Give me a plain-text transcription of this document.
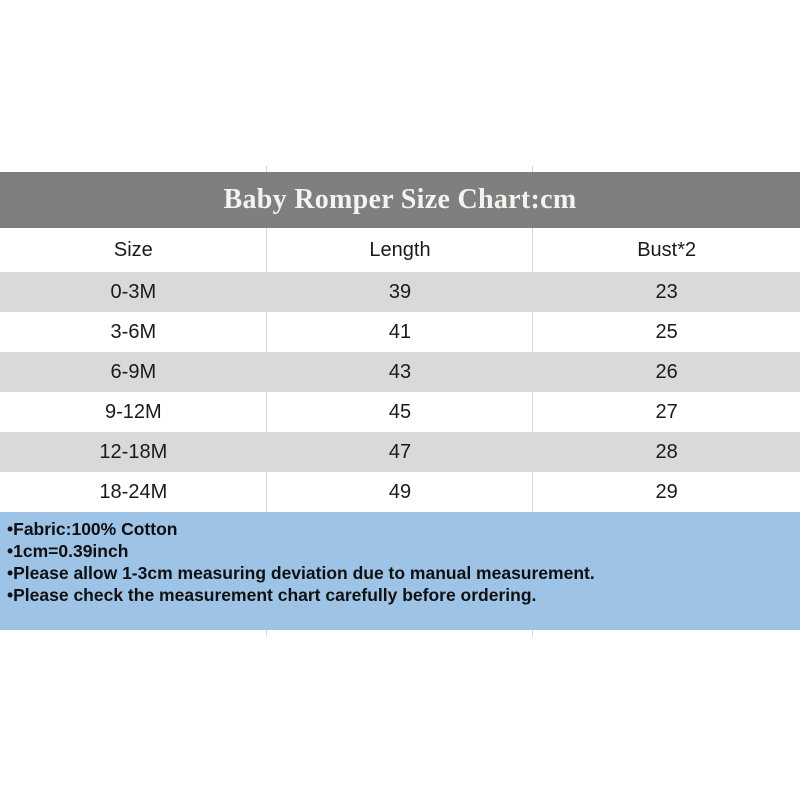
Baby Romper Size Chart:cm
Size	Length	Bust*2
0-3M	39	23
3-6M	41	25
6-9M	43	26
9-12M	45	27
12-18M	47	28
18-24M	49	29
•Fabric:100% Cotton
•1cm=0.39inch
•Please allow 1-3cm measuring deviation due to manual measurement.
•Please check the measurement chart carefully before ordering.
